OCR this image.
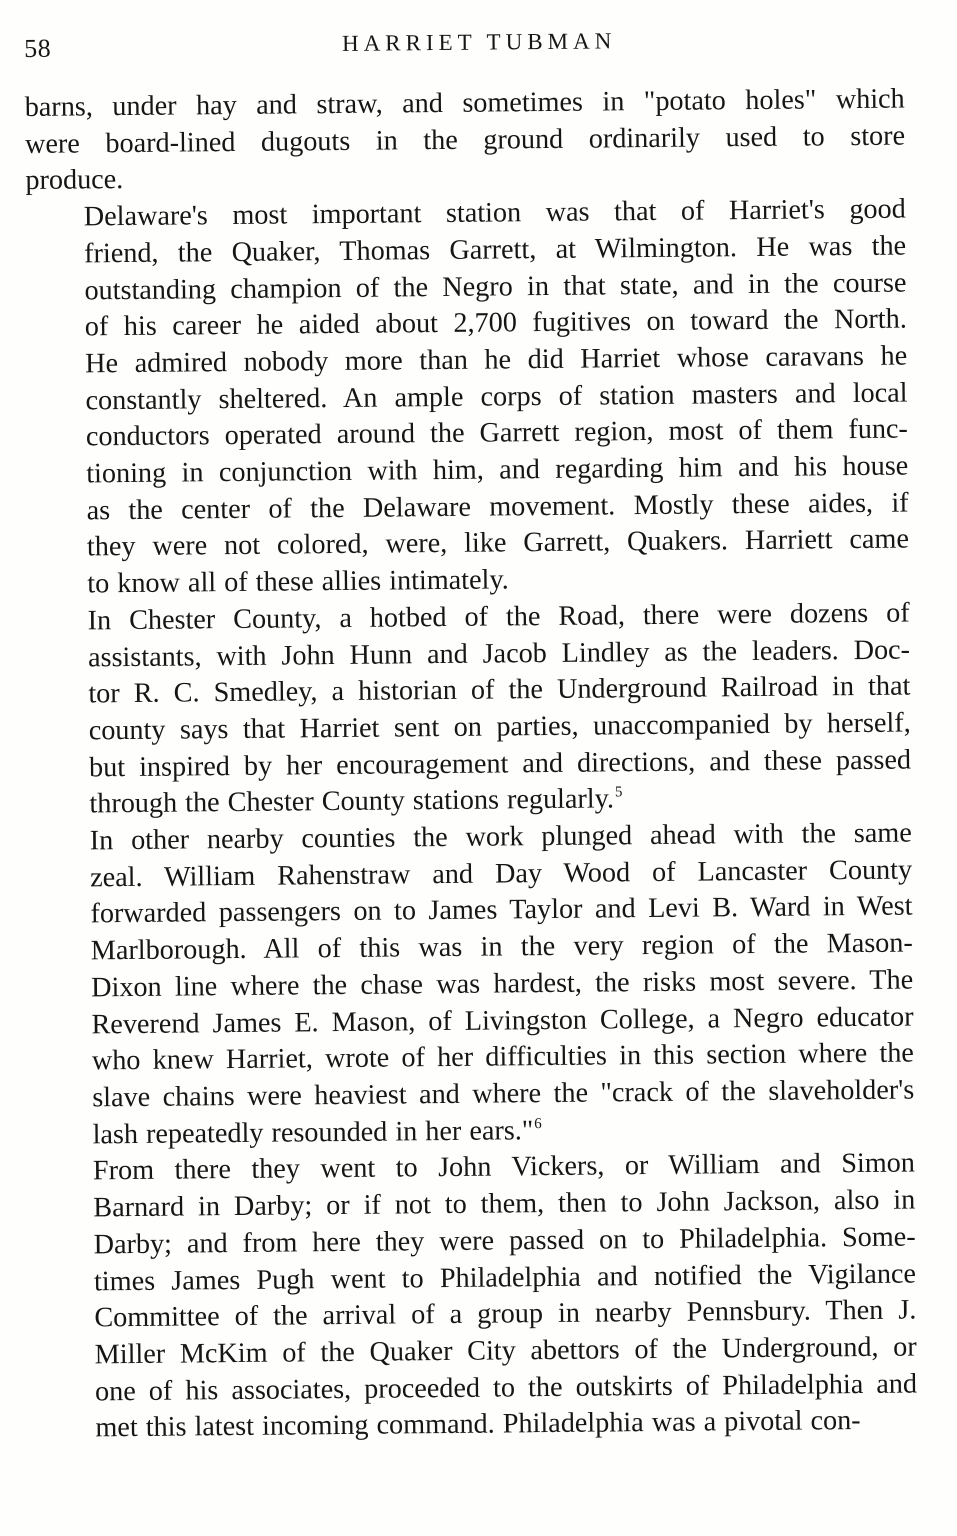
58	HARRIET TUBMAN

barns, under hay and straw, and sometimes in "potato holes" which
were board-lined dugouts in the ground ordinarily used to store
produce.

Delaware's most important station was that of Harriet's good
friend, the Quaker, Thomas Garrett, at Wilmington. He was the
outstanding champion of the Negro in that state, and in the course
of his career he aided about 2,700 fugitives on toward the North.
He admired nobody more than he did Harriet whose caravans he
constantly sheltered. An ample corps of station masters and local
conductors operated around the Garrett region, most of them func-
tioning in conjunction with him, and regarding him and his house
as the center of the Delaware movement. Mostly these aides, if
they were not colored, were, like Garrett, Quakers. Harriett came
to know all of these allies intimately.

In Chester County, a hotbed of the Road, there were dozens of
assistants, with John Hunn and Jacob Lindley as the leaders. Doc-
tor R. C. Smedley, a historian of the Underground Railroad in that
county says that Harriet sent on parties, unaccompanied by herself,
but inspired by her encouragement and directions, and these passed
through the Chester County stations regularly.$^5$

In other nearby counties the work plunged ahead with the same
zeal. William Rahenstraw and Day Wood of Lancaster County
forwarded passengers on to James Taylor and Levi B. Ward in West
Marlborough. All of this was in the very region of the Mason-
Dixon line where the chase was hardest, the risks most severe. The
Reverend James E. Mason, of Livingston College, a Negro educator
who knew Harriet, wrote of her difficulties in this section where the
slave chains were heaviest and where the "crack of the slaveholder's
lash repeatedly resounded in her ears."$^6$

From there they went to John Vickers, or William and Simon
Barnard in Darby; or if not to them, then to John Jackson, also in
Darby; and from here they were passed on to Philadelphia. Some-
times James Pugh went to Philadelphia and notified the Vigilance
Committee of the arrival of a group in nearby Pennsbury. Then J.
Miller McKim of the Quaker City abettors of the Underground, or
one of his associates, proceeded to the outskirts of Philadelphia and
met this latest incoming command. Philadelphia was a pivotal con-
